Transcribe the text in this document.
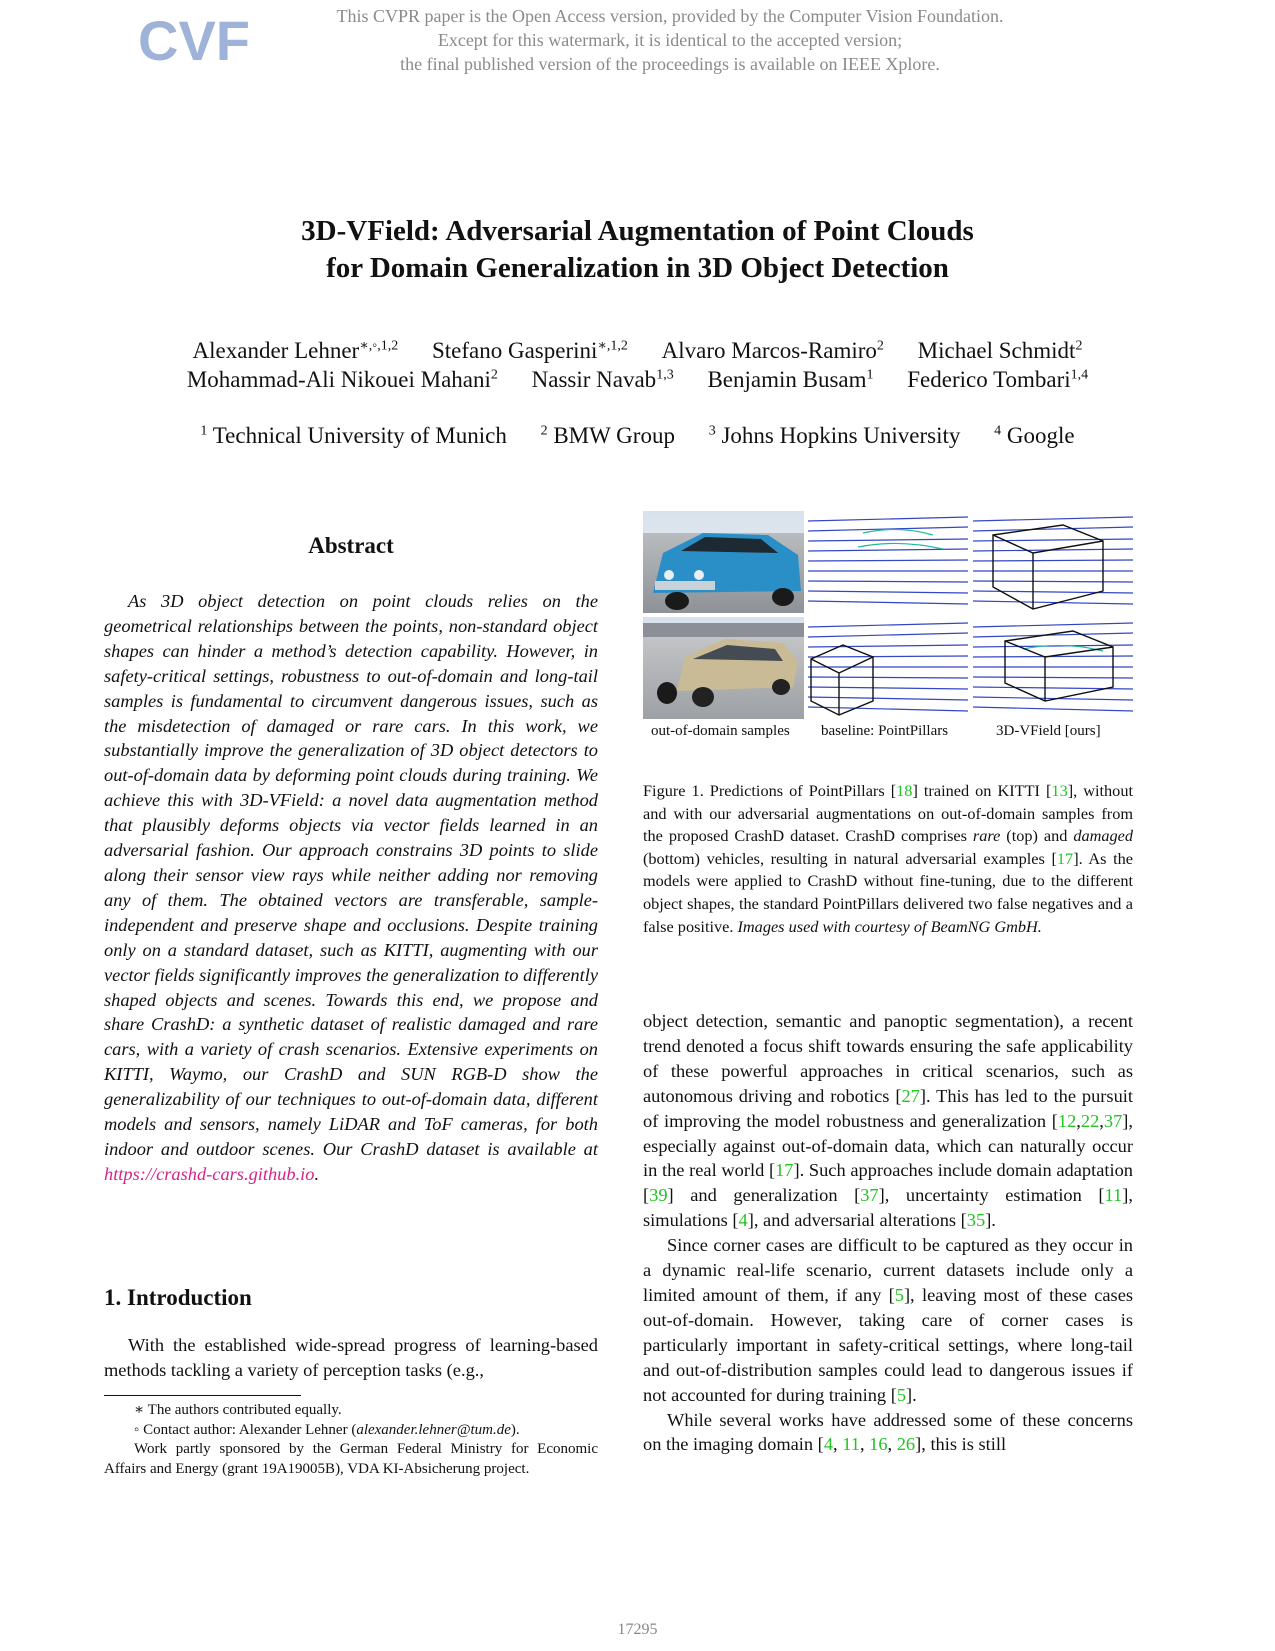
CVF	This CVPR paper is the Open Access version, provided by the Computer Vision Foundation.
Except for this watermark, it is identical to the accepted version;
the final published version of the proceedings is available on IEEE Xplore.
3D-VField: Adversarial Augmentation of Point Clouds
for Domain Generalization in 3D Object Detection
Alexander Lehner$^{∗,◦,1,2}$ Stefano Gasperini$^{∗,1,2}$ Alvaro Marcos-Ramiro$^2$ Michael Schmidt$^2$
Mohammad-Ali Nikouei Mahani$^2$ Nassir Navab$^{1,3}$ Benjamin Busam$^1$ Federico Tombari$^{1,4}$
$^1$ Technical University of Munich $^2$ BMW Group $^3$ Johns Hopkins University $^4$ Google
Abstract

As 3D object detection on point clouds relies on the geometrical relationships between the points, non-standard object shapes can hinder a method’s detection capability. However, in safety-critical settings, robustness to out-of-domain and long-tail samples is fundamental to circumvent dangerous issues, such as the misdetection of damaged or rare cars. In this work, we substantially improve the generalization of 3D object detectors to out-of-domain data by deforming point clouds during training. We achieve this with 3D-VField: a novel data augmentation method that plausibly deforms objects via vector fields learned in an adversarial fashion. Our approach constrains 3D points to slide along their sensor view rays while neither adding nor removing any of them. The obtained vectors are transferable, sample-independent and preserve shape and occlusions. Despite training only on a standard dataset, such as KITTI, augmenting with our vector fields significantly improves the generalization to differently shaped objects and scenes. Towards this end, we propose and share CrashD: a synthetic dataset of realistic damaged and rare cars, with a variety of crash scenarios. Extensive experiments on KITTI, Waymo, our CrashD and SUN RGB-D show the generalizability of our techniques to out-of-domain data, different models and sensors, namely LiDAR and ToF cameras, for both indoor and outdoor scenes. Our CrashD dataset is available at https://crashd-cars.github.io.

1. Introduction

With the established wide-spread progress of learning-based methods tackling a variety of perception tasks (e.g.,

∗ The authors contributed equally.

◦ Contact author: Alexander Lehner (alexander.lehner@tum.de).

Work partly sponsored by the German Federal Ministry for Economic Affairs and Energy (grant 19A19005B), VDA KI-Absicherung project.

out-of-domain samples baseline: PointPillars	3D-VField [ours]

Figure 1. Predictions of PointPillars [18] trained on KITTI [13], without and with our adversarial augmentations on out-of-domain samples from the proposed CrashD dataset. CrashD comprises rare (top) and damaged (bottom) vehicles, resulting in natural adversarial examples [17]. As the models were applied to CrashD without fine-tuning, due to the different object shapes, the standard PointPillars delivered two false negatives and a false positive. Images used with courtesy of BeamNG GmbH.

object detection, semantic and panoptic segmentation), a recent trend denoted a focus shift towards ensuring the safe applicability of these powerful approaches in critical scenarios, such as autonomous driving and robotics [27]. This has led to the pursuit of improving the model robustness and generalization [12,22,37], especially against out-of-domain data, which can naturally occur in the real world [17]. Such approaches include domain adaptation [39] and generalization [37], uncertainty estimation [11], simulations [4], and adversarial alterations [35].

Since corner cases are difficult to be captured as they occur in a dynamic real-life scenario, current datasets include only a limited amount of them, if any [5], leaving most of these cases out-of-domain. However, taking care of corner cases is particularly important in safety-critical settings, where long-tail and out-of-distribution samples could lead to dangerous issues if not accounted for during training [5].

While several works have addressed some of these concerns on the imaging domain [4, 11, 16, 26], this is still

17295
